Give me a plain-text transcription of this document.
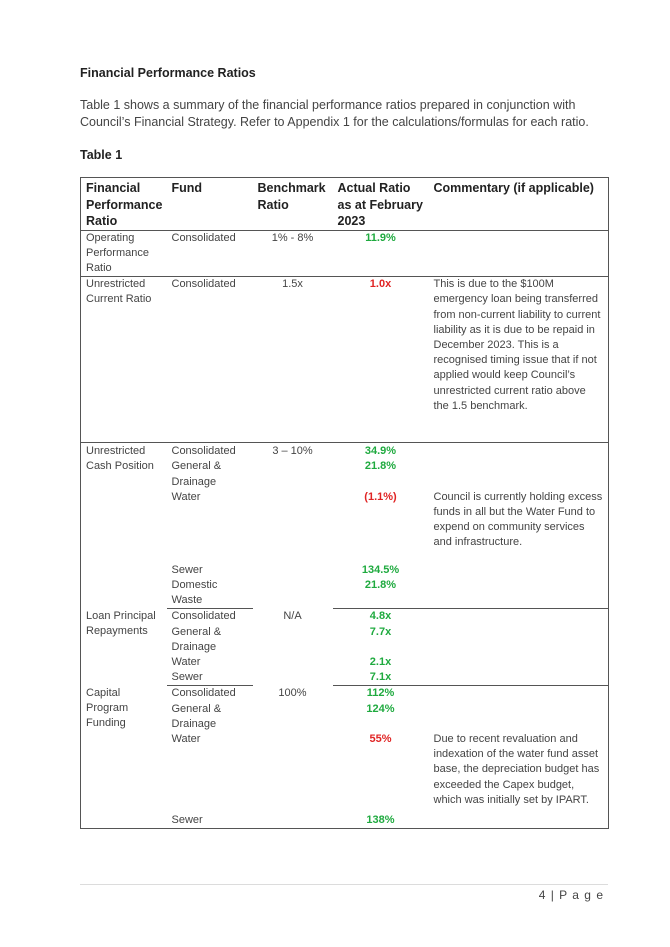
Financial Performance Ratios
Table 1 shows a summary of the financial performance ratios prepared in conjunction with Council’s Financial Strategy. Refer to Appendix 1 for the calculations/formulas for each ratio.
Table 1
Financial Performance Ratio	Fund	Benchmark Ratio	Actual Ratio as at February 2023	Commentary (if applicable)
Operating Performance Ratio	Consolidated	1% - 8%	11.9%	
Unrestricted Current Ratio	Consolidated	1.5x	1.0x	This is due to the $100M emergency loan being transferred from non-current liability to current liability as it is due to be repaid in December 2023. This is a recognised timing issue that if not applied would keep Council’s unrestricted current ratio above the 1.5 benchmark.
Unrestricted Cash Position	Consolidated	3 – 10%	34.9%	
	General & Drainage		21.8%	
	Water		(1.1%)	Council is currently holding excess funds in all but the Water Fund to expend on community services and infrastructure.
	Sewer		134.5%	
	Domestic Waste		21.8%	
Loan Principal Repayments	Consolidated	N/A	4.8x	
	General & Drainage		7.7x	
	Water		2.1x	
	Sewer		7.1x	
Capital Program Funding	Consolidated	100%	112%	
	General & Drainage		124%	
	Water		55%	Due to recent revaluation and indexation of the water fund asset base, the depreciation budget has exceeded the Capex budget, which was initially set by IPART.
	Sewer		138%	
4 | P a g e
